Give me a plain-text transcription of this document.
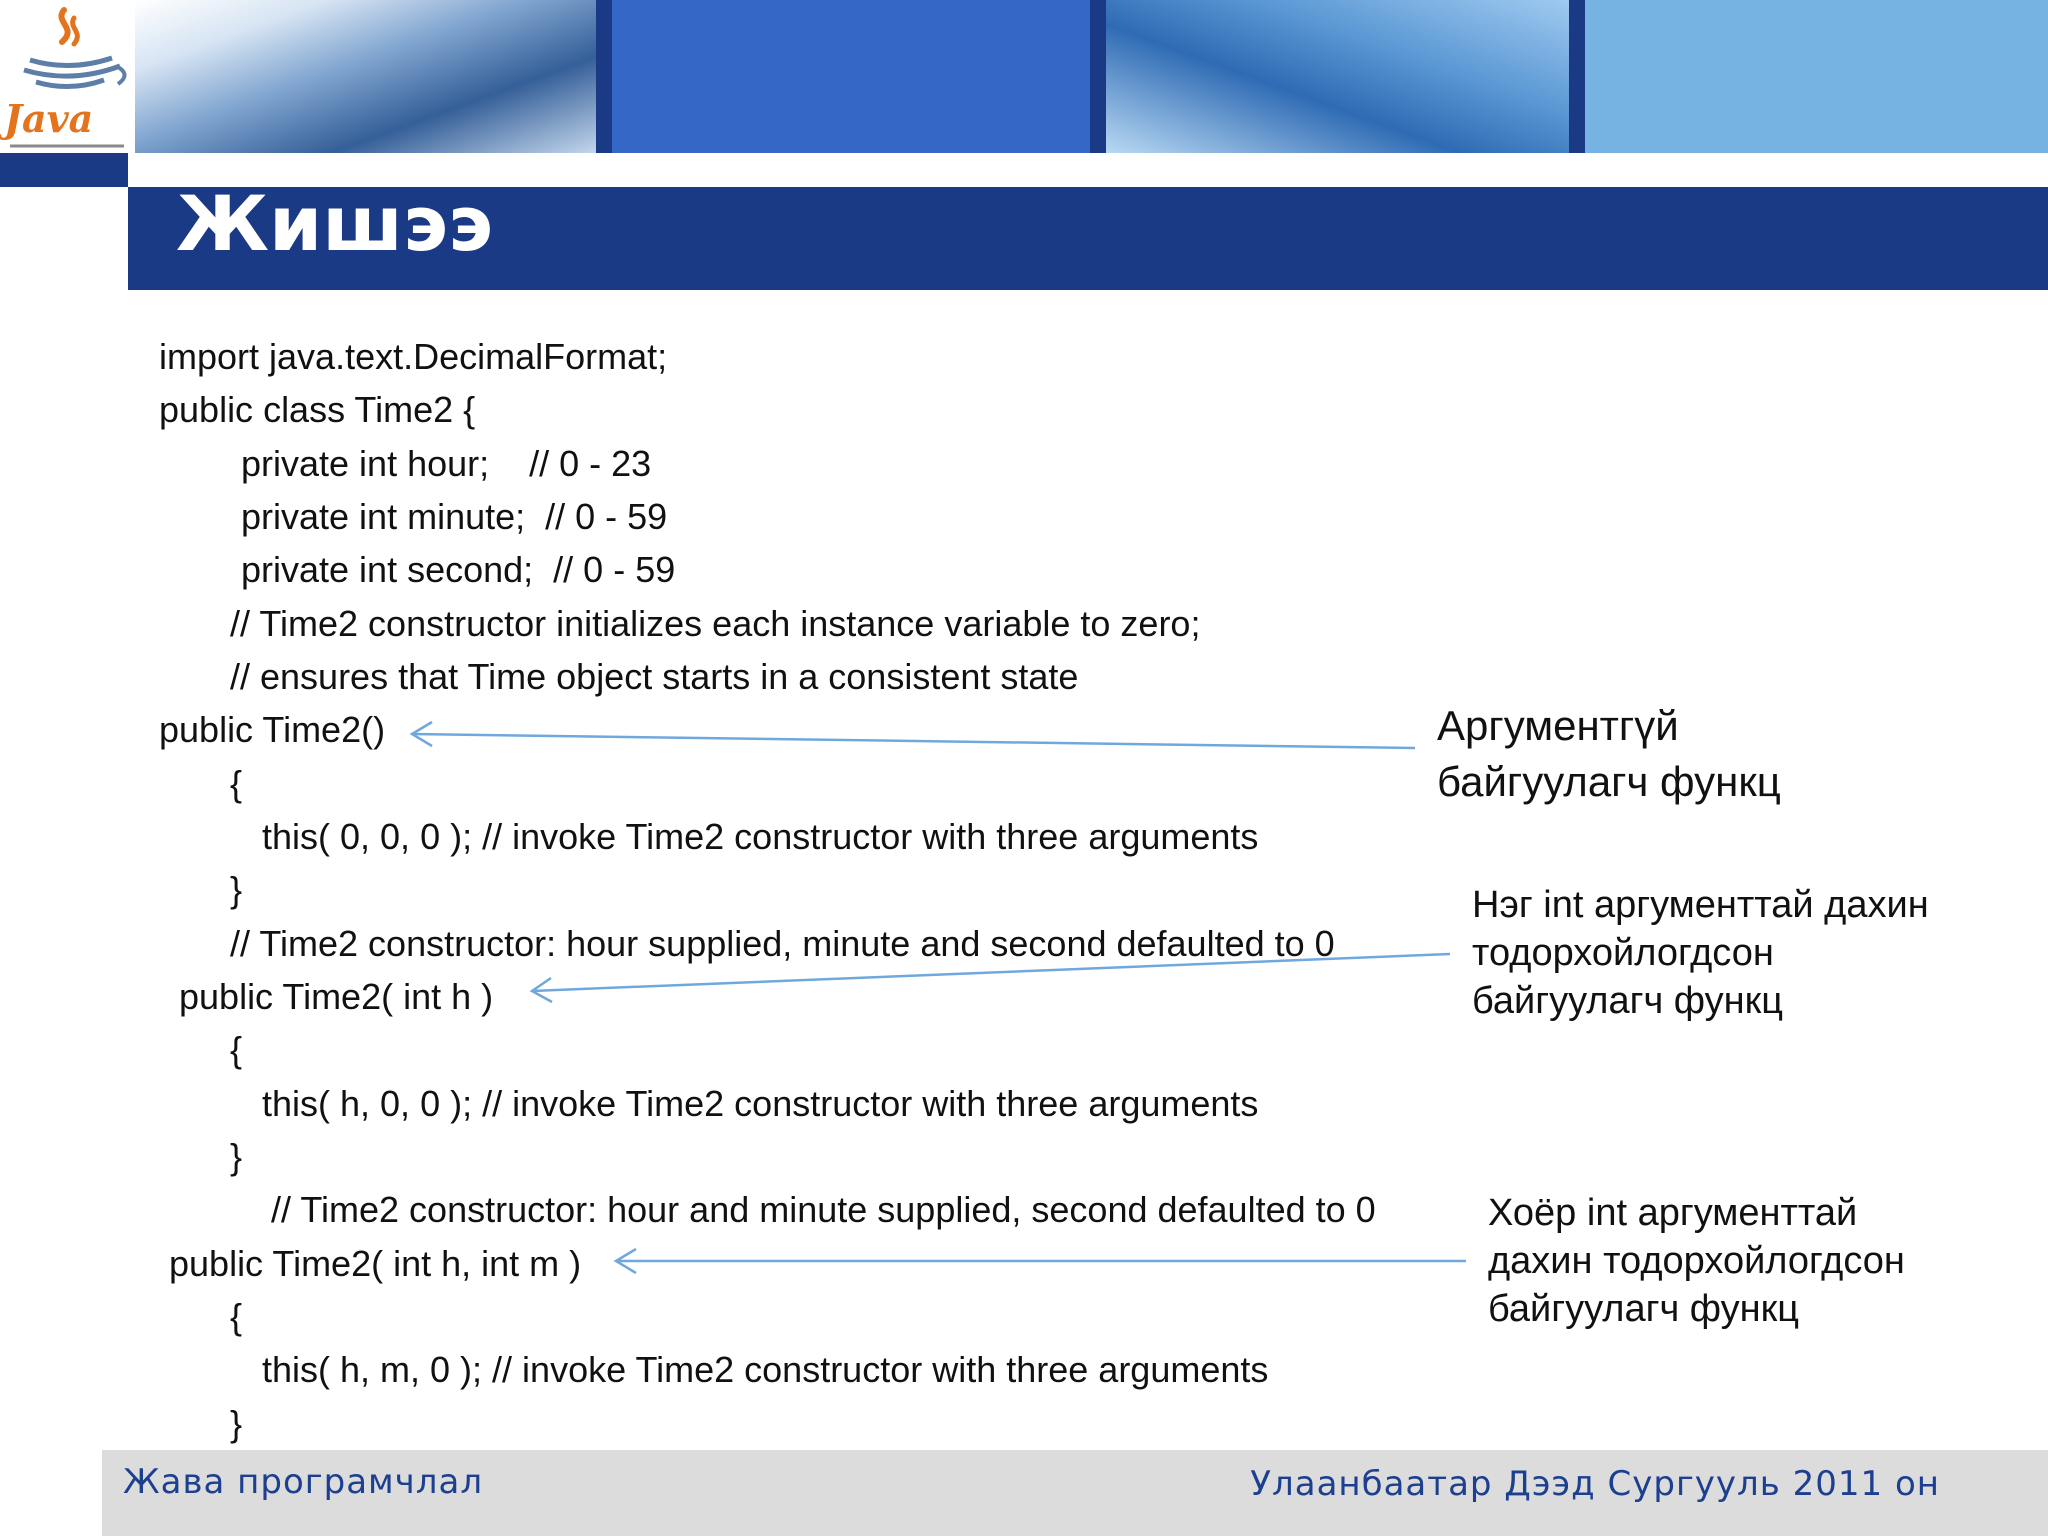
Java
Жишээ

import java.text.DecimalFormat;

public class Time2 {

private int hour;    // 0 - 23

private int minute;  // 0 - 59

private int second;  // 0 - 59

// Time2 constructor initializes each instance variable to zero;

// ensures that Time object starts in a consistent state

public Time2()

{

this( 0, 0, 0 ); // invoke Time2 constructor with three arguments

}

// Time2 constructor: hour supplied, minute and second defaulted to 0

public Time2( int h )

{

this( h, 0, 0 ); // invoke Time2 constructor with three arguments

}

// Time2 constructor: hour and minute supplied, second defaulted to 0

public Time2( int h, int m )

{

this( h, m, 0 ); // invoke Time2 constructor with three arguments

}

Аргументгүй
байгуулагч функц
Нэг int аргументтай дахин
тодорхойлогдсон
байгуулагч функц
Хоёр int аргументтай
дахин тодорхойлогдсон
байгуулагч функц

Жава програмчлал	Улаанбаатар Дээд Сургууль 2011 он
